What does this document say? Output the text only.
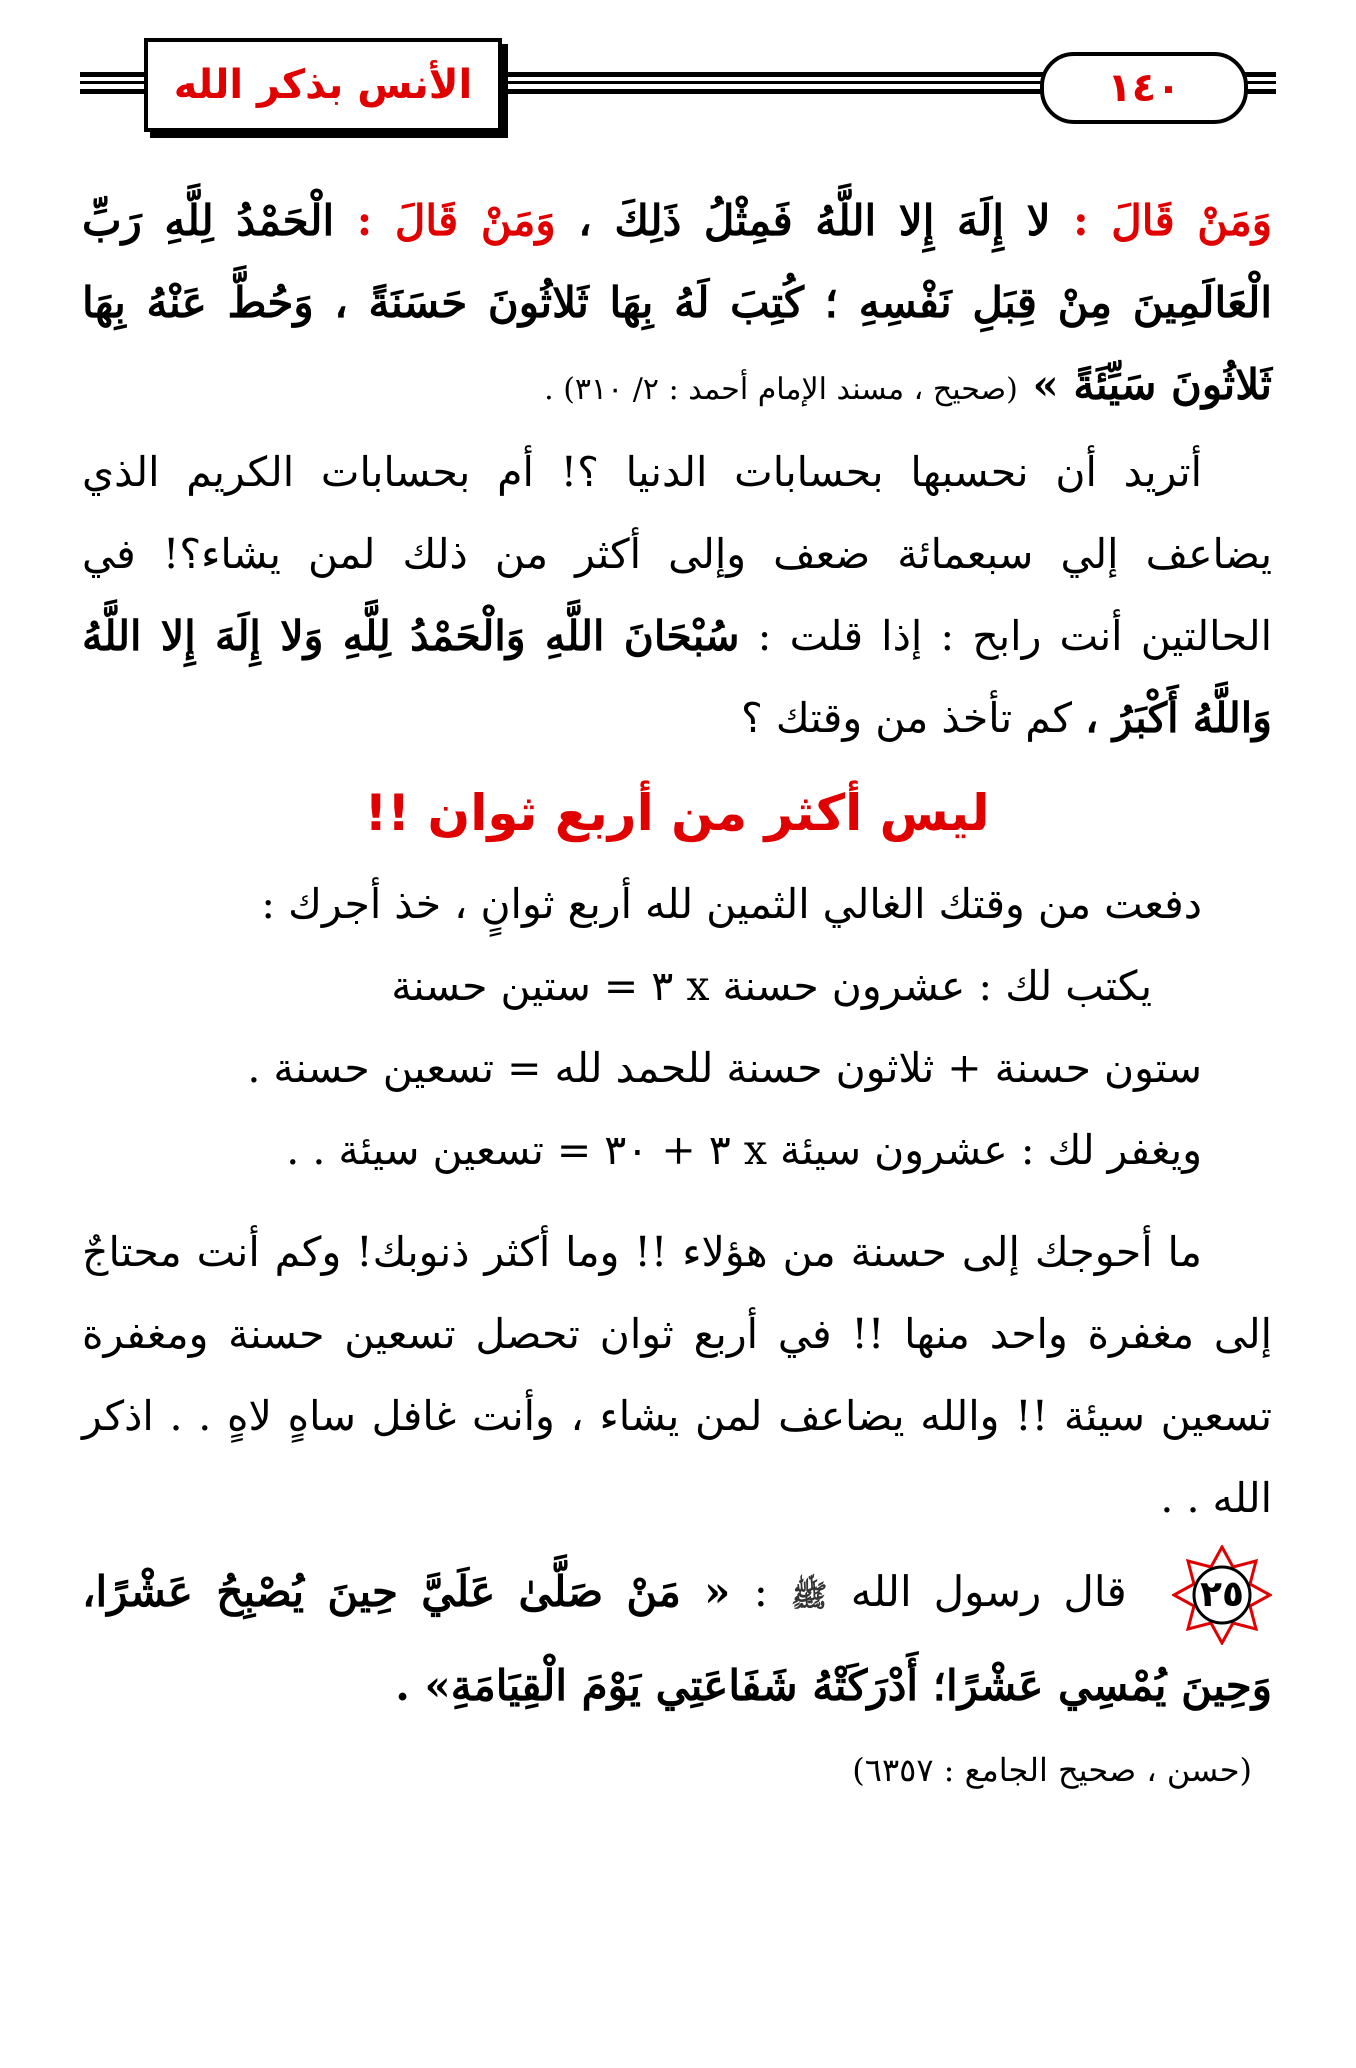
الأنس بذكر الله	١٤٠

وَمَنْ قَالَ : لا إِلَهَ إِلا اللَّهُ فَمِثْلُ ذَلِكَ ، وَمَنْ قَالَ : الْحَمْدُ لِلَّهِ رَبِّ الْعَالَمِينَ مِنْ قِبَلِ نَفْسِهِ ؛ كُتِبَ لَهُ بِهَا ثَلاثُونَ حَسَنَةً ، وَحُطَّ عَنْهُ بِهَا ثَلاثُونَ سَيِّئَةً » (صحيح ، مسند الإمام أحمد : ٢/ ٣١٠) .

أتريد أن نحسبها بحسابات الدنيا ؟! أم بحسابات الكريم الذي يضاعف إلي سبعمائة ضعف وإلى أكثر من ذلك لمن يشاء؟! في الحالتين أنت رابح : إذا قلت : سُبْحَانَ اللَّهِ وَالْحَمْدُ لِلَّهِ وَلا إِلَهَ إِلا اللَّهُ وَاللَّهُ أَكْبَرُ ، كم تأخذ من وقتك ؟

ليس أكثر من أربع ثوان !!

دفعت من وقتك الغالي الثمين لله أربع ثوانٍ ، خذ أجرك :

يكتب لك : عشرون حسنة x ٣ = ستين حسنة

ستون حسنة + ثلاثون حسنة للحمد لله = تسعين حسنة .

ويغفر لك : عشرون سيئة x ٣ + ٣٠ = تسعين سيئة . .

ما أحوجك إلى حسنة من هؤلاء !! وما أكثر ذنوبك! وكم أنت محتاجٌ إلى مغفرة واحد منها !! في أربع ثوان تحصل تسعين حسنة ومغفرة تسعين سيئة !! والله يضاعف لمن يشاء ، وأنت غافل ساهٍ لاهٍ . . اذكر الله . .

٢٥
قال رسول الله ﷺ : « مَنْ صَلَّىٰ عَلَيَّ حِينَ يُصْبِحُ عَشْرًا، وَحِينَ يُمْسِي عَشْرًا؛ أَدْرَكَتْهُ شَفَاعَتِي يَوْمَ الْقِيَامَةِ» .

(حسن ، صحيح الجامع : ٦٣٥٧)
